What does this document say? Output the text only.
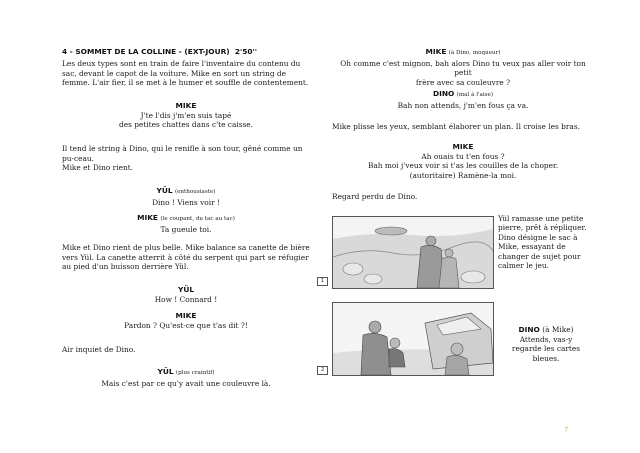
4 - SOMMET DE LA COLLINE - (EXT-JOUR) 2'50''
Les deux types sont en train de faire l'inventaire du contenu du sac, devant le capot de la voiture. Mike en sort un string de femme. L'air fier, il se met à le humer et souffle de contentement.
MIKE
J'te l'dis j'm'en suis tapé
des petites chattes dans c'te caisse.
Il tend le string à Dino, qui le renifle à son tour, gêné comme un pu-ceau.
Mike et Dino rient.
YÜL (enthousiaste)
Dino ! Viens voir !
MIKE (le coupant, du tac au tac)
Ta gueule toi.
Mike et Dino rient de plus belle. Mike balance sa canette de bière vers Yül. La canette atterrit à côté du serpent qui part se réfugier au pied d'un buisson derrière Yül.
YÜL
How ! Connard !
MIKE
Pardon ? Qu'est-ce que t'as dit ?!
Air inquiet de Dino.
YÜL (plus craintif)
Mais c'est par ce qu'y avait une couleuvre là.
MIKE (à Dino, moqueur)
Oh comme c'est mignon, bah alors Dino tu veux pas aller voir ton petit
frère avec sa couleuvre ?
DINO (mal à l'aise)
Bah non attends, j'm'en fous ça va.
Mike plisse les yeux, semblant élaborer un plan. Il croise les bras.
MIKE
Ah ouais tu t'en fous ?
Bah moi j'veux voir si t'as les couilles de la choper.
(autoritaire) Ramène-la moi.
Regard perdu de Dino.
1
Yül ramasse une petite pierre, prêt à répliquer. Dino désigne le sac à Mike, essayant de changer de sujet pour calmer le jeu.
2
DINO (à Mike)
Attends, vas-y
regarde les cartes bleues.
7
